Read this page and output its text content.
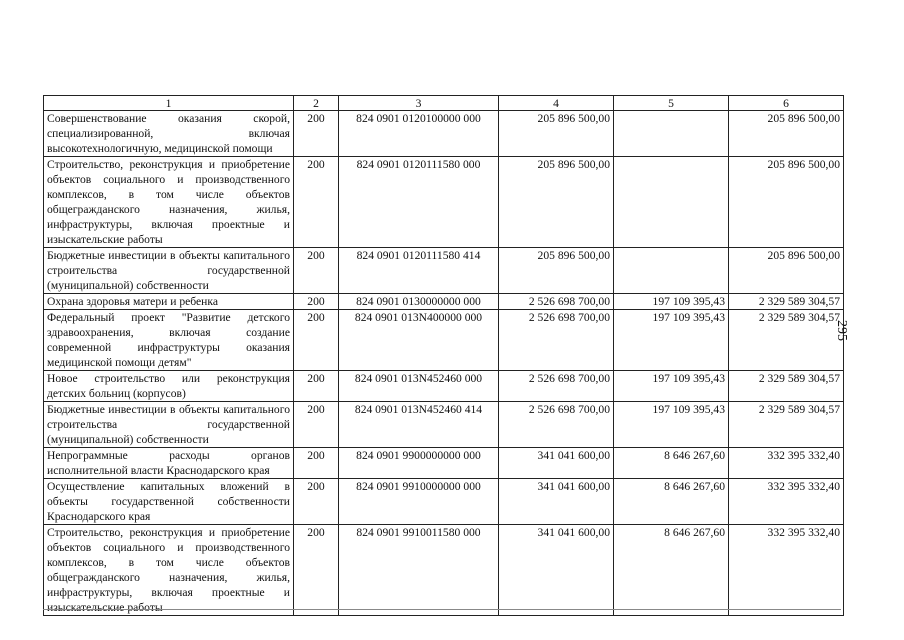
1	2	3	4	5	6
Совершенствование оказания скорой, специализированной, включая высокотехнологичную, медицинской помощи	200	824 0901 0120100000 000	205 896 500,00		205 896 500,00
Строительство, реконструкция и приобретение объектов социального и производственного комплексов, в том числе объектов общегражданского назначения, жилья, инфраструктуры, включая проектные и изыскательские работы	200	824 0901 0120111580 000	205 896 500,00		205 896 500,00
Бюджетные инвестиции в объекты капитального строительства государственной (муниципальной) собственности	200	824 0901 0120111580 414	205 896 500,00		205 896 500,00
Охрана здоровья матери и ребенка	200	824 0901 0130000000 000	2 526 698 700,00	197 109 395,43	2 329 589 304,57
Федеральный проект "Развитие детского здравоохранения, включая создание современной инфраструктуры оказания медицинской помощи детям"	200	824 0901 013N400000 000	2 526 698 700,00	197 109 395,43	2 329 589 304,57
Новое строительство или реконструкция детских больниц (корпусов)	200	824 0901 013N452460 000	2 526 698 700,00	197 109 395,43	2 329 589 304,57
Бюджетные инвестиции в объекты капитального строительства государственной (муниципальной) собственности	200	824 0901 013N452460 414	2 526 698 700,00	197 109 395,43	2 329 589 304,57
Непрограммные расходы органов исполнительной власти Краснодарского края	200	824 0901 9900000000 000	341 041 600,00	8 646 267,60	332 395 332,40
Осуществление капитальных вложений в объекты государственной собственности Краснодарского края	200	824 0901 9910000000 000	341 041 600,00	8 646 267,60	332 395 332,40
Строительство, реконструкция и приобретение объектов социального и производственного комплексов, в том числе объектов общегражданского назначения, жилья, инфраструктуры, включая проектные и изыскательские работы	200	824 0901 9910011580 000	341 041 600,00	8 646 267,60	332 395 332,40
295
